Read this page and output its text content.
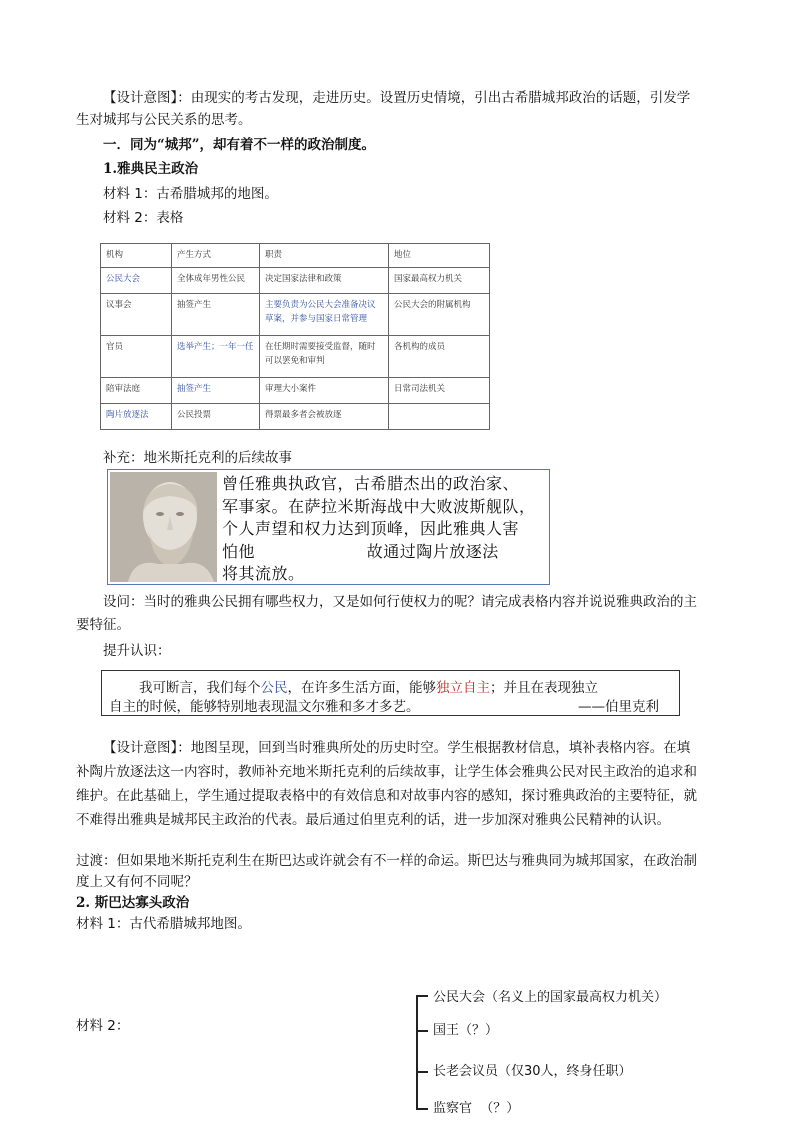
【设计意图】：由现实的考古发现，走进历史。设置历史情境，引出古希腊城邦政治的话题，引发学
生对城邦与公民关系的思考。
一．同为“城邦”，却有着不一样的政治制度。
1.雅典民主政治
材料 1：古希腊城邦的地图。
材料 2：表格
机构	产生方式	职责	地位
公民大会	全体成年男性公民	决定国家法律和政策	国家最高权力机关
议事会	抽签产生	主要负责为公民大会准备决议草案，并参与国家日常管理	公民大会的附属机构
官员	选举产生；一年一任	在任期时需要接受监督，随时可以罢免和审判	各机构的成员
陪审法庭	抽签产生	审理大小案件	日常司法机关
陶片放逐法	公民投票	得票最多者会被放逐	
补充：地米斯托克利的后续故事
曾任雅典执政官，古希腊杰出的政治家、
军事家。在萨拉米斯海战中大败波斯舰队，
个人声望和权力达到顶峰，因此雅典人害
怕他                    故通过陶片放逐法
将其流放。
设问：当时的雅典公民拥有哪些权力，又是如何行使权力的呢？请完成表格内容并说说雅典政治的主
要特征。
提升认识：
我可断言，我们每个公民，在许多生活方面，能够独立自主；并且在表现独立
自主的时候，能够特别地表现温文尔雅和多才多艺。	——伯里克利
【设计意图】：地图呈现，回到当时雅典所处的历史时空。学生根据教材信息，填补表格内容。在填
补陶片放逐法这一内容时，教师补充地米斯托克利的后续故事，让学生体会雅典公民对民主政治的追求和
维护。在此基础上，学生通过提取表格中的有效信息和对故事内容的感知，探讨雅典政治的主要特征，就
不难得出雅典是城邦民主政治的代表。最后通过伯里克利的话，进一步加深对雅典公民精神的认识。
过渡：但如果地米斯托克利生在斯巴达或许就会有不一样的命运。斯巴达与雅典同为城邦国家，在政治制
度上又有何不同呢？
2. 斯巴达寡头政治
材料 1：古代希腊城邦地图。
材料 2：
公民大会（名义上的国家最高权力机关）
国王（？）
长老会议员（仅30人，终身任职）
监察官  （？）
